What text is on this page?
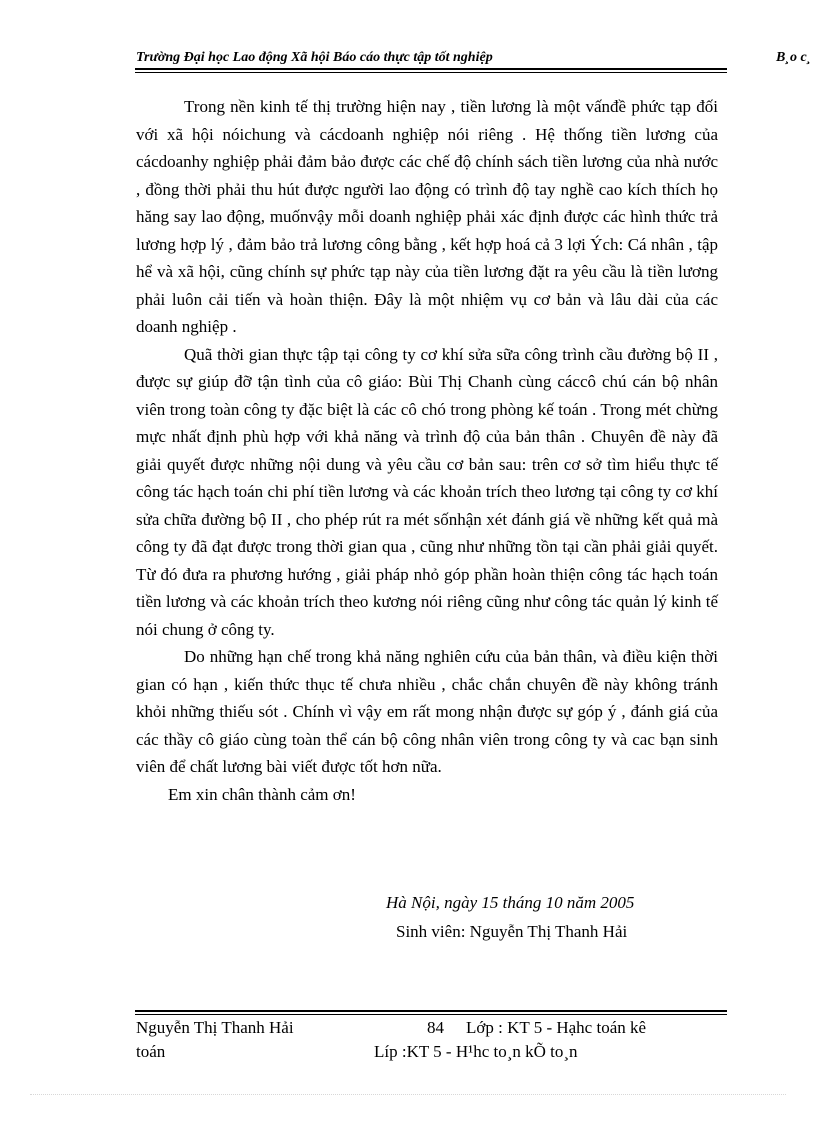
Trường Đại học Lao động Xã hội Báo cáo thực tập tốt nghiệp	B¸o c¸

Trong nền kinh tế thị trường hiện nay , tiền lương là một vấnđề phức tạp đối với xã hội nóichung và cácdoanh nghiệp nói riêng . Hệ thống tiền lương của cácdoanhy nghiệp phải đảm bảo được các chế độ chính sách tiền lương của nhà nước , đồng thời phải thu hút được người lao động có trình độ tay nghề cao kích thích họ hăng say lao động, muốnvậy mỗi doanh nghiệp phải xác định được các hình thức trả lương hợp lý , đảm bảo trả lương công bằng , kết hợp hoá cả 3 lợi Ých: Cá nhân , tập hể và xã hội, cũng chính sự phức tạp này của tiền lương đặt ra yêu cầu là tiền lương phải luôn cải tiến và hoàn thiện. Đây là một nhiệm vụ cơ bản và lâu dài của các doanh nghiệp .

Quã thời gian thực tập tại công ty cơ khí sửa sữa công trình cầu đường bộ II , được sự giúp đỡ tận tình của cô giáo: Bùi Thị Chanh cùng cáccô chú cán bộ nhân viên trong toàn công ty đặc biệt là các cô chó trong phòng kế toán . Trong mét chừng mực nhất định phù hợp với khả năng và trình độ của bản thân . Chuyên đề này đã giải quyết được những nội dung và yêu cầu cơ bản sau: trên cơ sở tìm hiểu thực tế công tác hạch toán chi phí tiền lương và các khoản trích theo lương tại công ty cơ khí sửa chữa đường bộ II , cho phép rút ra mét sốnhận xét đánh giá về những kết quả mà công ty đã đạt được trong thời gian qua , cũng như những tồn tại cần phải giải quyết. Từ đó đưa ra phương hướng , giải pháp nhỏ góp phần hoàn thiện công tác hạch toán tiền lương và các khoản trích theo kương nói riêng cũng như công tác quản lý kinh tế nói chung ở công ty.

Do những hạn chế trong khả năng nghiên cứu của bản thân, và điều kiện thời gian có hạn , kiến thức thục tế chưa nhiều , chắc chắn chuyên đề này không tránh khỏi những thiếu sót . Chính vì vậy em rất mong nhận được sự góp ý , đánh giá của các thầy cô giáo cùng toàn thể cán bộ công nhân viên trong công ty và cac bạn sinh viên để chất lương bài viết được tốt hơn nữa.

Em xin chân thành cảm ơn!

Hà Nội, ngày 15 tháng 10 năm 2005
Sinh viên: Nguyễn Thị Thanh Hải
Nguyễn Thị Thanh Hải	84 Lớp : KT 5 - Hạhc toán kê
toán	Líp :KT 5 - H¹hc to¸n kÕ to¸n
